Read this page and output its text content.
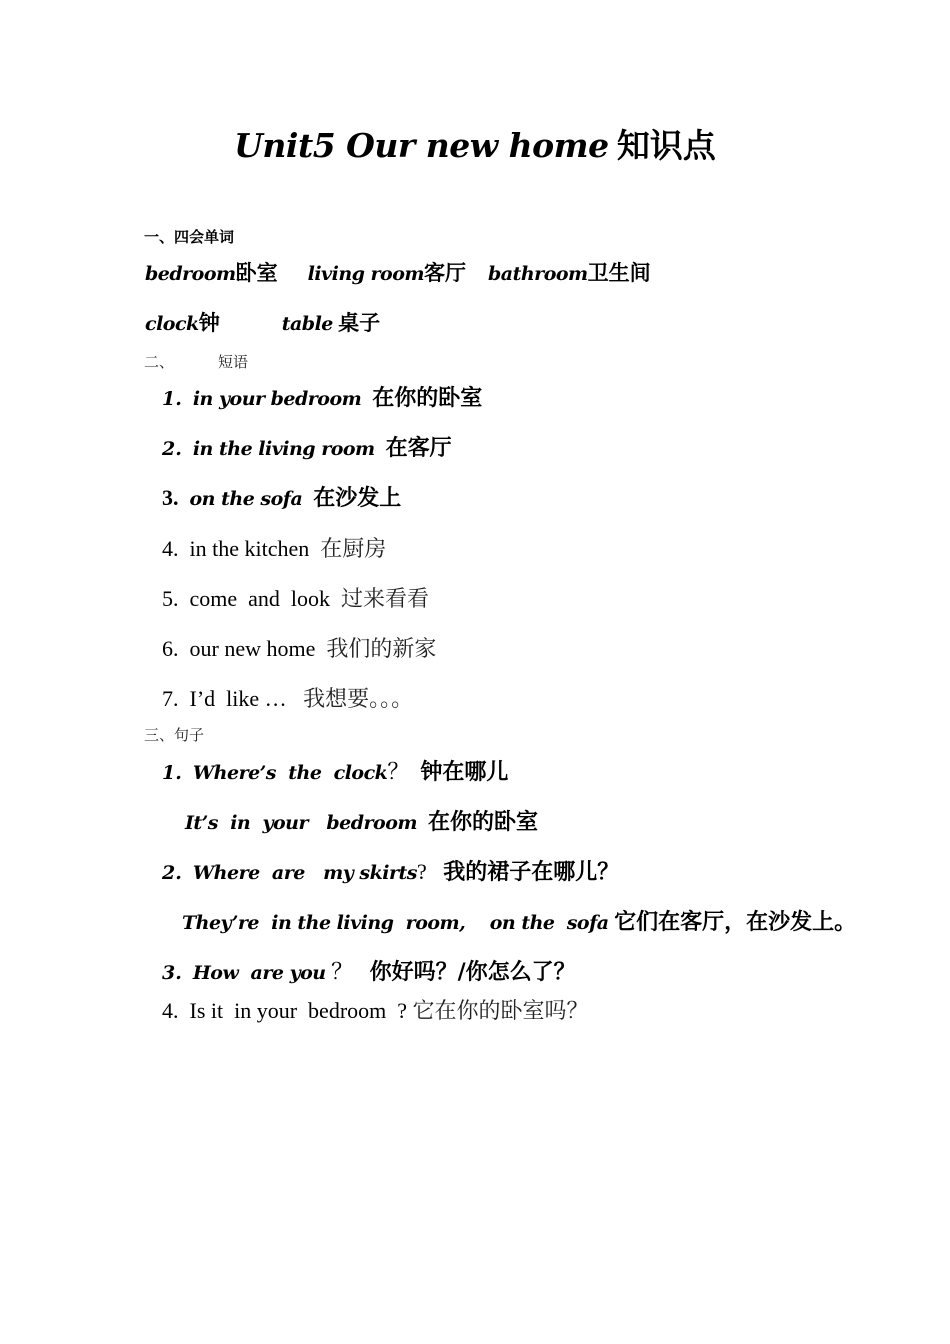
Unit5 Our new home 知识点
一、四会单词
bedroom卧室 living room客厅 bathroom卫生间
clock钟	table 桌子
二、	短语
1. in your bedroom 在你的卧室
2. in the living room 在客厅
3. on the sofa 在沙发上
4. in the kitchen 在厨房
5. come  and  look 过来看看
6. our new home 我们的新家
7. I’d  like … 我想要。。。
三、句子
1. Where’s  the  clock？ 钟在哪儿
It’s  in  your   bedroom 在你的卧室
2. Where  are   my skirts? 我的裙子在哪儿？
They’re  in the living  room,    on the  sofa 它们在客厅，在沙发上。
3. How  are you ？ 你好吗？/你怎么了？
4. Is it  in your  bedroom  ? 它在你的卧室吗？
